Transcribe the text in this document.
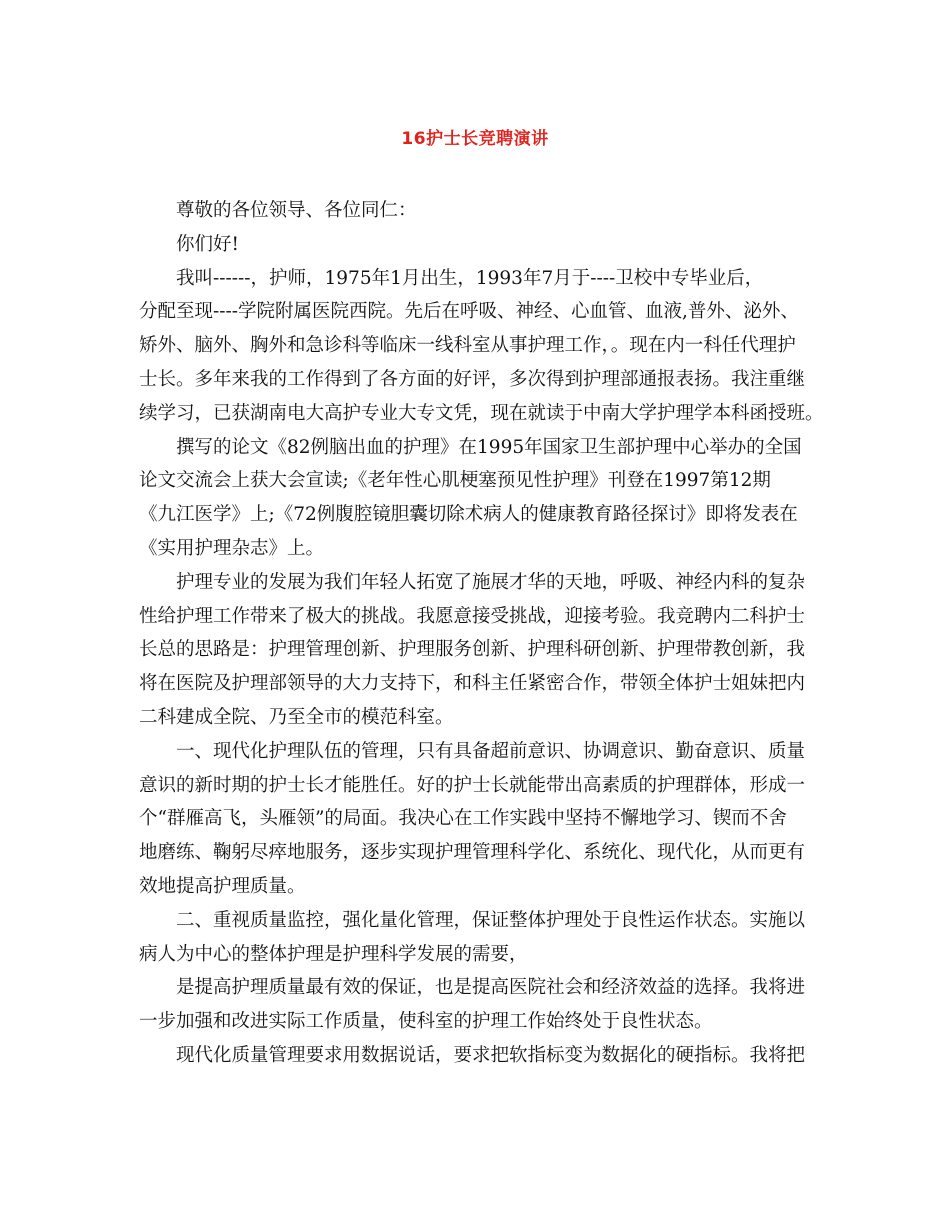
16护士长竞聘演讲
尊敬的各位领导、各位同仁：
你们好!
我叫------，护师，1975年1月出生，1993年7月于----卫校中专毕业后，
分配至现----学院附属医院西院。先后在呼吸、神经、心血管、血液,普外、泌外、
矫外、脑外、胸外和急诊科等临床一线科室从事护理工作，。现在内一科任代理护
士长。多年来我的工作得到了各方面的好评，多次得到护理部通报表扬。我注重继
续学习，已获湖南电大高护专业大专文凭，现在就读于中南大学护理学本科函授班。
撰写的论文《82例脑出血的护理》在1995年国家卫生部护理中心举办的全国
论文交流会上获大会宣读;《老年性心肌梗塞预见性护理》刊登在1997第12期
《九江医学》上;《72例腹腔镜胆囊切除术病人的健康教育路径探讨》即将发表在
《实用护理杂志》上。
护理专业的发展为我们年轻人拓宽了施展才华的天地，呼吸、神经内科的复杂
性给护理工作带来了极大的挑战。我愿意接受挑战，迎接考验。我竞聘内二科护士
长总的思路是：护理管理创新、护理服务创新、护理科研创新、护理带教创新，我
将在医院及护理部领导的大力支持下，和科主任紧密合作，带领全体护士姐妹把内
二科建成全院、乃至全市的模范科室。
一、现代化护理队伍的管理，只有具备超前意识、协调意识、勤奋意识、质量
意识的新时期的护士长才能胜任。好的护士长就能带出高素质的护理群体，形成一
个“群雁高飞，头雁领”的局面。我决心在工作实践中坚持不懈地学习、锲而不舍
地磨练、鞠躬尽瘁地服务，逐步实现护理管理科学化、系统化、现代化，从而更有
效地提高护理质量。
二、重视质量监控，强化量化管理，保证整体护理处于良性运作状态。实施以
病人为中心的整体护理是护理科学发展的需要，
是提高护理质量最有效的保证，也是提高医院社会和经济效益的选择。我将进
一步加强和改进实际工作质量，使科室的护理工作始终处于良性状态。
现代化质量管理要求用数据说话，要求把软指标变为数据化的硬指标。我将把
